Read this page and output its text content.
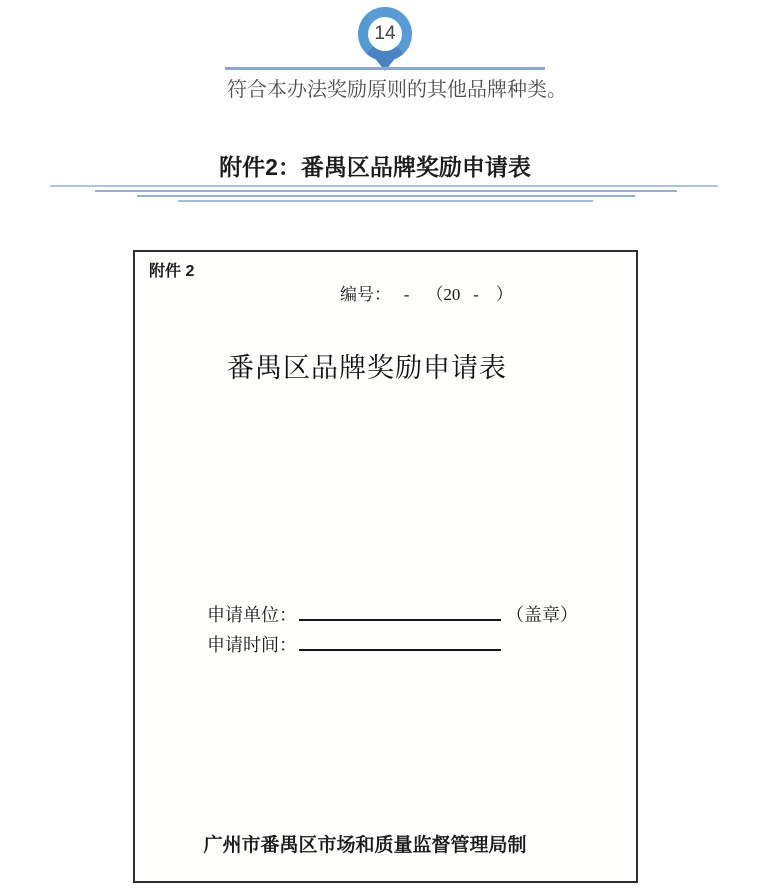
14
符合本办法奖励原则的其他品牌种类。
附件2：番禺区品牌奖励申请表
附件 2
编号：   -    （20   -    ）
番禺区品牌奖励申请表
申请单位：	（盖章）
申请时间：
广州市番禺区市场和质量监督管理局制
